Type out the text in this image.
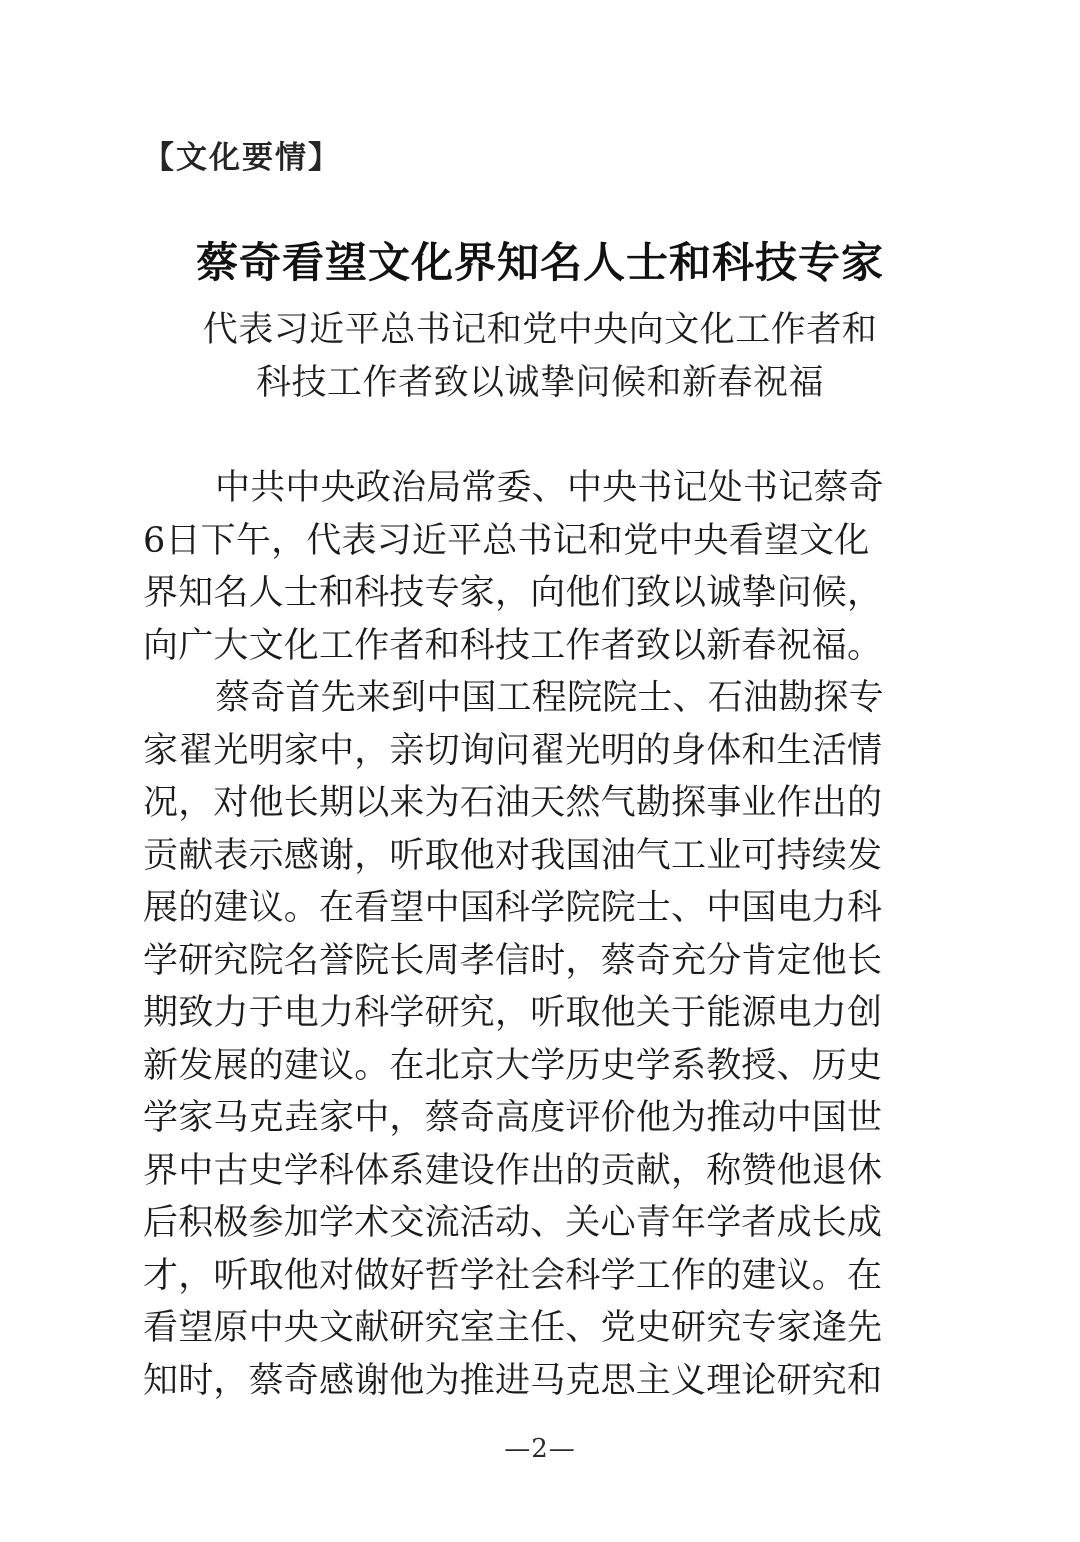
【文化要情】
蔡奇看望文化界知名人士和科技专家
代表习近平总书记和党中央向文化工作者和
科技工作者致以诚挚问候和新春祝福

中共中央政治局常委、中央书记处书记蔡奇
6日下午，代表习近平总书记和党中央看望文化
界知名人士和科技专家，向他们致以诚挚问候，
向广大文化工作者和科技工作者致以新春祝福。

蔡奇首先来到中国工程院院士、石油勘探专
家翟光明家中，亲切询问翟光明的身体和生活情
况，对他长期以来为石油天然气勘探事业作出的
贡献表示感谢，听取他对我国油气工业可持续发
展的建议。在看望中国科学院院士、中国电力科
学研究院名誉院长周孝信时，蔡奇充分肯定他长
期致力于电力科学研究，听取他关于能源电力创
新发展的建议。在北京大学历史学系教授、历史
学家马克垚家中，蔡奇高度评价他为推动中国世
界中古史学科体系建设作出的贡献，称赞他退休
后积极参加学术交流活动、关心青年学者成长成
才，听取他对做好哲学社会科学工作的建议。在
看望原中央文献研究室主任、党史研究专家逄先
知时，蔡奇感谢他为推进马克思主义理论研究和

—2—
